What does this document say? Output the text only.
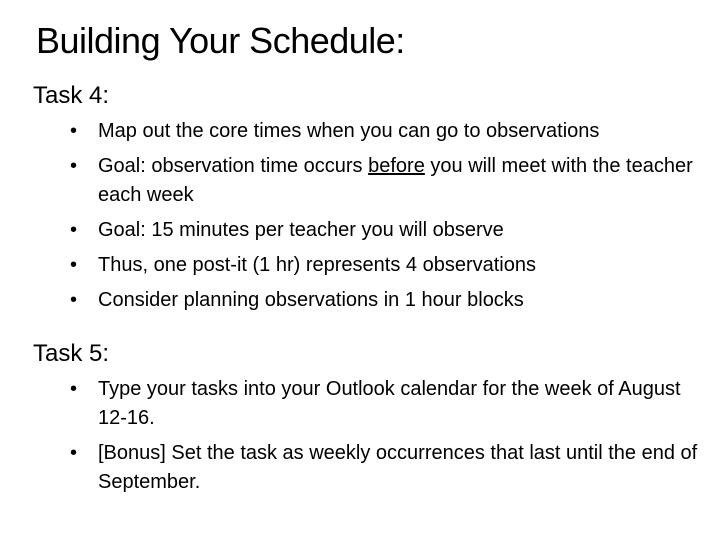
Building Your Schedule:
Task 4:
• Map out the core times when you can go to observations
• Goal: observation time occurs before you will meet with the teacher each week
• Goal: 15 minutes per teacher you will observe
• Thus, one post-it (1 hr) represents 4 observations
• Consider planning observations in 1 hour blocks
Task 5:
• Type your tasks into your Outlook calendar for the week of August 12-16.
• [Bonus] Set the task as weekly occurrences that last until the end of September.
